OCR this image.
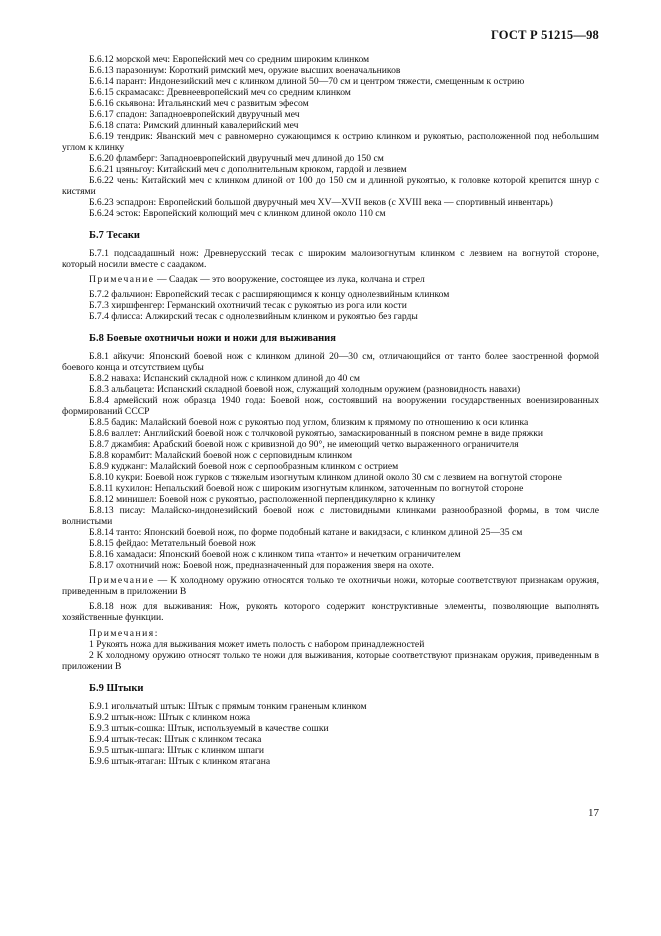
ГОСТ Р 51215—98

Б.6.12 морской меч: Европейский меч со средним широким клинком

Б.6.13 паразониум: Короткий римский меч, оружие высших военачальников

Б.6.14 парант: Индонезийский меч с клинком длиной 50—70 см и центром тяжести, смещенным к острию

Б.6.15 скрамасакс: Древнеевропейский меч со средним клинком

Б.6.16 скьявона: Итальянский меч с развитым эфесом

Б.6.17 спадон: Западноевропейский двуручный меч

Б.6.18 спата: Римский длинный кавалерийский меч

Б.6.19 тендрик: Яванский меч с равномерно сужающимся к острию клинком и рукоятью, расположенной под небольшим углом к клинку

Б.6.20 фламберг: Западноевропейский двуручный меч длиной до 150 см

Б.6.21 цзяньгоу: Китайский меч с дополнительным крюком, гардой и лезвием

Б.6.22 чень: Китайский меч с клинком длиной от 100 до 150 см и длинной рукоятью, к головке которой крепится шнур с кистями

Б.6.23 эспадрон: Европейский большой двуручный меч XV—XVII веков (с XVIII века — спортивный инвентарь)

Б.6.24 эсток: Европейский колющий меч с клинком длиной около 110 см

Б.7 Тесаки

Б.7.1 подсаадашный нож: Древнерусский тесак с широким малоизогнутым клинком с лезвием на вогнутой стороне, который носили вместе с саадаком.

Примечание — Саадак — это вооружение, состоящее из лука, колчана и стрел

Б.7.2 фальчион: Европейский тесак с расширяющимся к концу однолезвийным клинком

Б.7.3 хиршфенгер: Германский охотничий тесак с рукоятью из рога или кости

Б.7.4 флисса: Алжирский тесак с однолезвийным клинком и рукоятью без гарды

Б.8 Боевые охотничьи ножи и ножи для выживания

Б.8.1 айкучи: Японский боевой нож с клинком длиной 20—30 см, отличающийся от танто более заостренной формой боевого конца и отсутствием цубы

Б.8.2 наваха: Испанский складной нож с клинком длиной до 40 см

Б.8.3 альбацета: Испанский складной боевой нож, служащий холодным оружием (разновидность навахи)

Б.8.4 армейский нож образца 1940 года: Боевой нож, состоявший на вооружении государственных военизированных формирований СССР

Б.8.5 бадик: Малайский боевой нож с рукоятью под углом, близким к прямому по отношению к оси клинка

Б.8.6 валлет: Английский боевой нож с толчковой рукоятью, замаскированный в поясном ремне в виде пряжки

Б.8.7 джамбия: Арабский боевой нож с кривизной до 90°, не имеющий четко выраженного ограничителя

Б.8.8 корамбит: Малайский боевой нож с серповидным клинком

Б.8.9 куджанг: Малайский боевой нож с серпообразным клинком с острием

Б.8.10 кукри: Боевой нож гурков с тяжелым изогнутым клинком длиной около 30 см с лезвием на вогнутой стороне

Б.8.11 кухилон: Непальский боевой нож с широким изогнутым клинком, заточенным по вогнутой стороне

Б.8.12 минишел: Боевой нож с рукоятью, расположенной перпендикулярно к клинку

Б.8.13 писау: Малайско-индонезийский боевой нож с листовидными клинками разнообразной формы, в том числе волнистыми

Б.8.14 танто: Японский боевой нож, по форме подобный катане и вакидзаси, с клинком длиной 25—35 см

Б.8.15 фейдао: Метательный боевой нож

Б.8.16 хамадаси: Японский боевой нож с клинком типа «танто» и нечетким ограничителем

Б.8.17 охотничий нож: Боевой нож, предназначенный для поражения зверя на охоте.

Примечание — К холодному оружию относятся только те охотничьи ножи, которые соответствуют признакам оружия, приведенным в приложении В

Б.8.18 нож для выживания: Нож, рукоять которого содержит конструктивные элементы, позволяющие выполнять хозяйственные функции.

Примечания:

1 Рукоять ножа для выживания может иметь полость с набором принадлежностей

2 К холодному оружию относят только те ножи для выживания, которые соответствуют признакам оружия, приведенным в приложении В

Б.9 Штыки

Б.9.1 игольчатый штык: Штык с прямым тонким граненым клинком

Б.9.2 штык-нож: Штык с клинком ножа

Б.9.3 штык-сошка: Штык, используемый в качестве сошки

Б.9.4 штык-тесак: Штык с клинком тесака

Б.9.5 штык-шпага: Штык с клинком шпаги

Б.9.6 штык-ятаган: Штык с клинком ятагана

17
